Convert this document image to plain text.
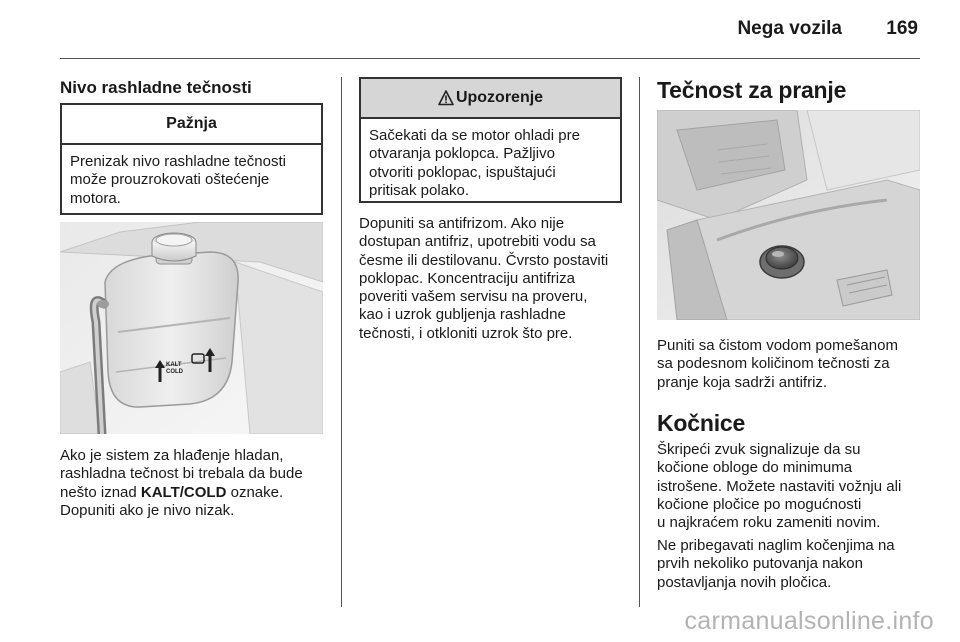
Nega vozila 169
Nivo rashladne tečnosti
Pažnja
Prenizak nivo rashladne tečnosti
može prouzrokovati oštećenje
motora.
KALT
COLD
Ako je sistem za hlađenje hladan,
rashladna tečnost bi trebala da bude
nešto iznad KALT/COLD oznake.
Dopuniti ako je nivo nizak.
Upozorenje
Sačekati da se motor ohladi pre
otvaranja poklopca. Pažljivo
otvoriti poklopac, ispuštajući
pritisak polako.
Dopuniti sa antifrizom. Ako nije
dostupan antifriz, upotrebiti vodu sa
česme ili destilovanu. Čvrsto postaviti
poklopac. Koncentraciju antifriza
poveriti vašem servisu na proveru,
kao i uzrok gubljenja rashladne
tečnosti, i otkloniti uzrok što pre.
Tečnost za pranje
Puniti sa čistom vodom pomešanom
sa podesnom količinom tečnosti za
pranje koja sadrži antifriz.
Kočnice
Škripeći zvuk signalizuje da su
kočione obloge do minimuma
istrošene. Možete nastaviti vožnju ali
kočione pločice po mogućnosti
u najkraćem roku zameniti novim.
Ne pribegavati naglim kočenjima na
prvih nekoliko putovanja nakon
postavljanja novih pločica.
carmanualsonline.info
